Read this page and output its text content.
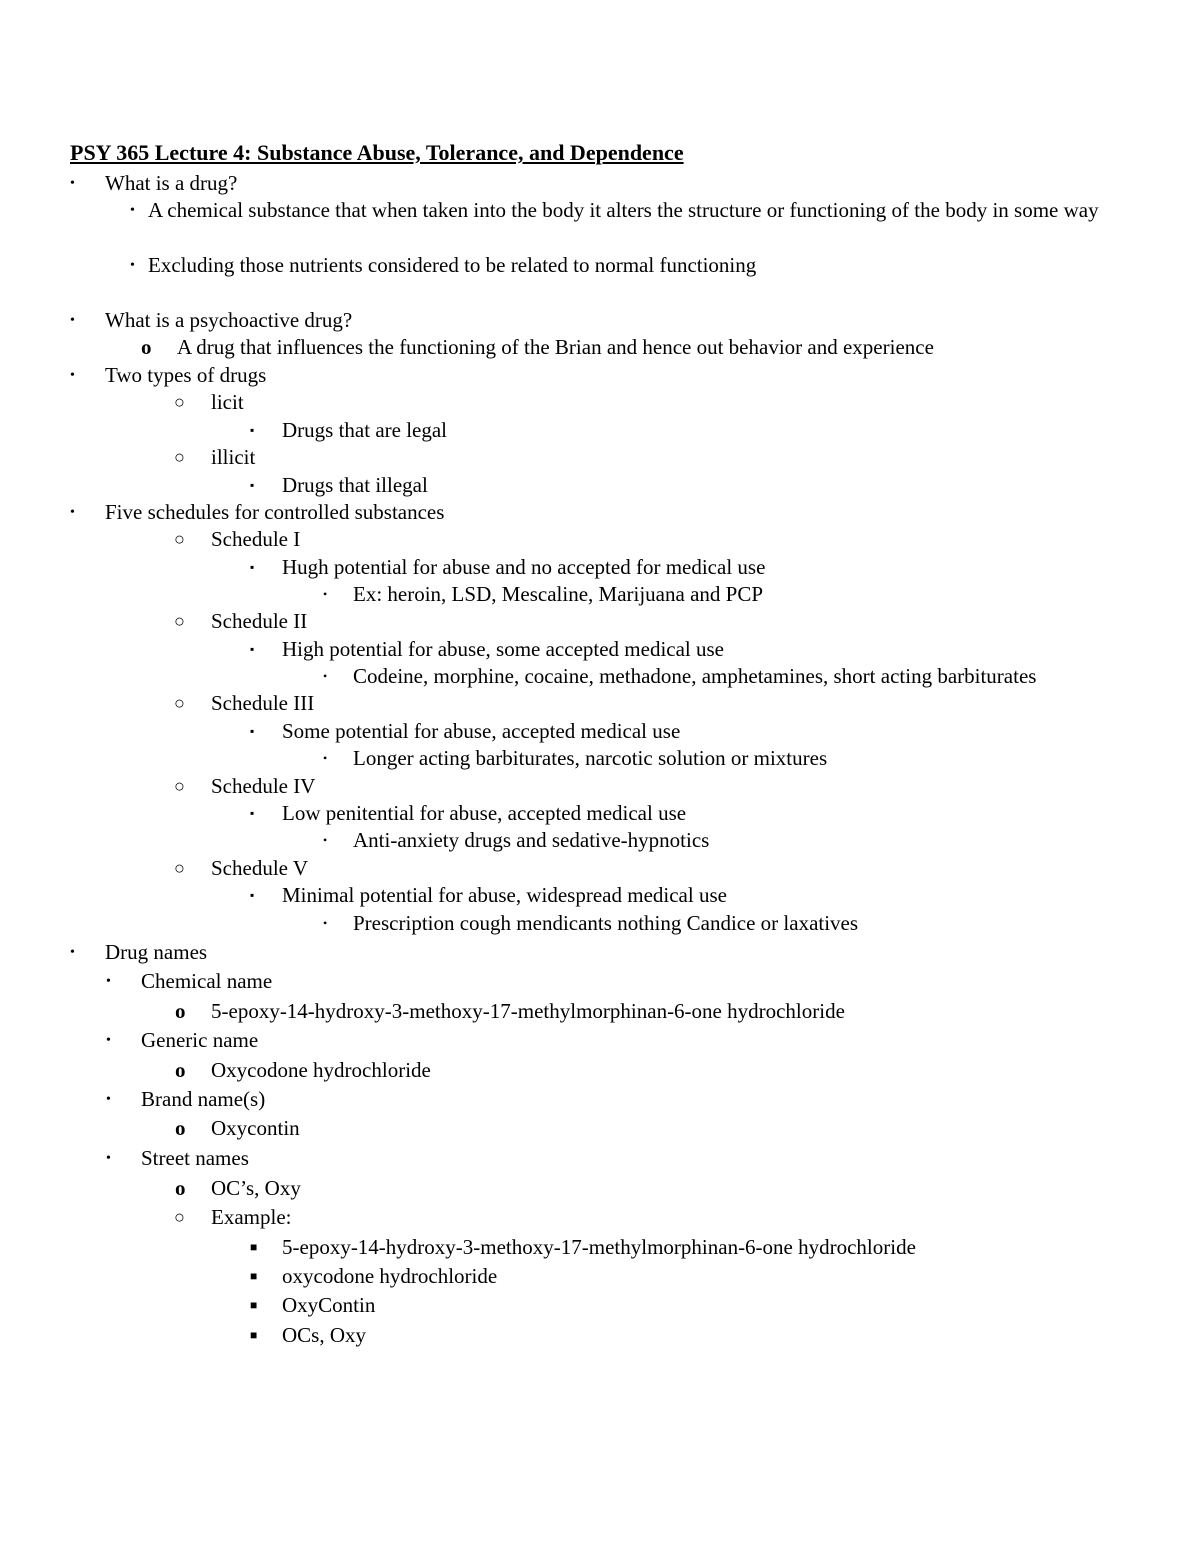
PSY 365 Lecture 4: Substance Abuse, Tolerance, and Dependence
• What is a drug?
• A chemical substance that when taken into the body it alters the structure or functioning of the body in some way
• Excluding those nutrients considered to be related to normal functioning
• What is a psychoactive drug?
o A drug that influences the functioning of the Brian and hence out behavior and experience
• Two types of drugs
○ licit
▪ Drugs that are legal
○ illicit
▪ Drugs that illegal
• Five schedules for controlled substances
○ Schedule I
▪ Hugh potential for abuse and no accepted for medical use
• Ex: heroin, LSD, Mescaline, Marijuana and PCP
○ Schedule II
▪ High potential for abuse, some accepted medical use
• Codeine, morphine, cocaine, methadone, amphetamines, short acting barbiturates
○ Schedule III
▪ Some potential for abuse, accepted medical use
• Longer acting barbiturates, narcotic solution or mixtures
○ Schedule IV
▪ Low penitential for abuse, accepted medical use
• Anti-anxiety drugs and sedative-hypnotics
○ Schedule V
▪ Minimal potential for abuse, widespread medical use
• Prescription cough mendicants nothing Candice or laxatives
• Drug names
• Chemical name
o 5-epoxy-14-hydroxy-3-methoxy-17-methylmorphinan-6-one hydrochloride
• Generic name
o Oxycodone hydrochloride
• Brand name(s)
o Oxycontin
• Street names
o OC’s, Oxy
○ Example:
■ 5-epoxy-14-hydroxy-3-methoxy-17-methylmorphinan-6-one hydrochloride
■ oxycodone hydrochloride
■ OxyContin
■ OCs, Oxy
